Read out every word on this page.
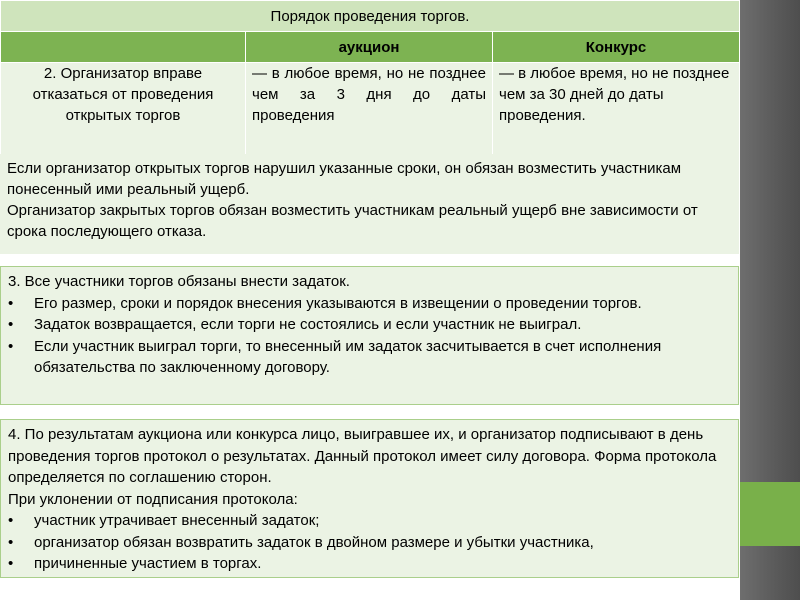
Порядок проведения торгов.		
	аукцион	Конкурс
2. Организатор вправе отказаться от проведения открытых торгов	— в любое время, но не позднее чем за 3 дня до даты проведения	— в любое время, но не позднее чем за 30 дней до даты проведения.
Если организатор открытых торгов нарушил указанные сроки, он обязан возместить участникам понесенный ими реальный ущерб.
Организатор закрытых торгов обязан возместить участникам реальный ущерб вне зависимости от срока последующего отказа.

3. Все участники торгов обязаны внести задаток.

• Его размер, сроки и порядок внесения указываются в извещении о проведении торгов.
• Задаток возвращается, если торги не состоялись и если участник не выиграл.
• Если участник выиграл торги, то внесенный им задаток засчитывается в счет исполнения обязательства по заключенному договору.

4. По результатам аукциона или конкурса лицо, выигравшее их, и организатор подписывают в день проведения торгов протокол о результатах. Данный протокол имеет силу договора. Форма протокола определяется по соглашению сторон.

При уклонении от подписания протокола:

• участник утрачивает внесенный задаток;
• организатор обязан возвратить задаток в двойном размере и убытки участника,
• причиненные участием в торгах.
